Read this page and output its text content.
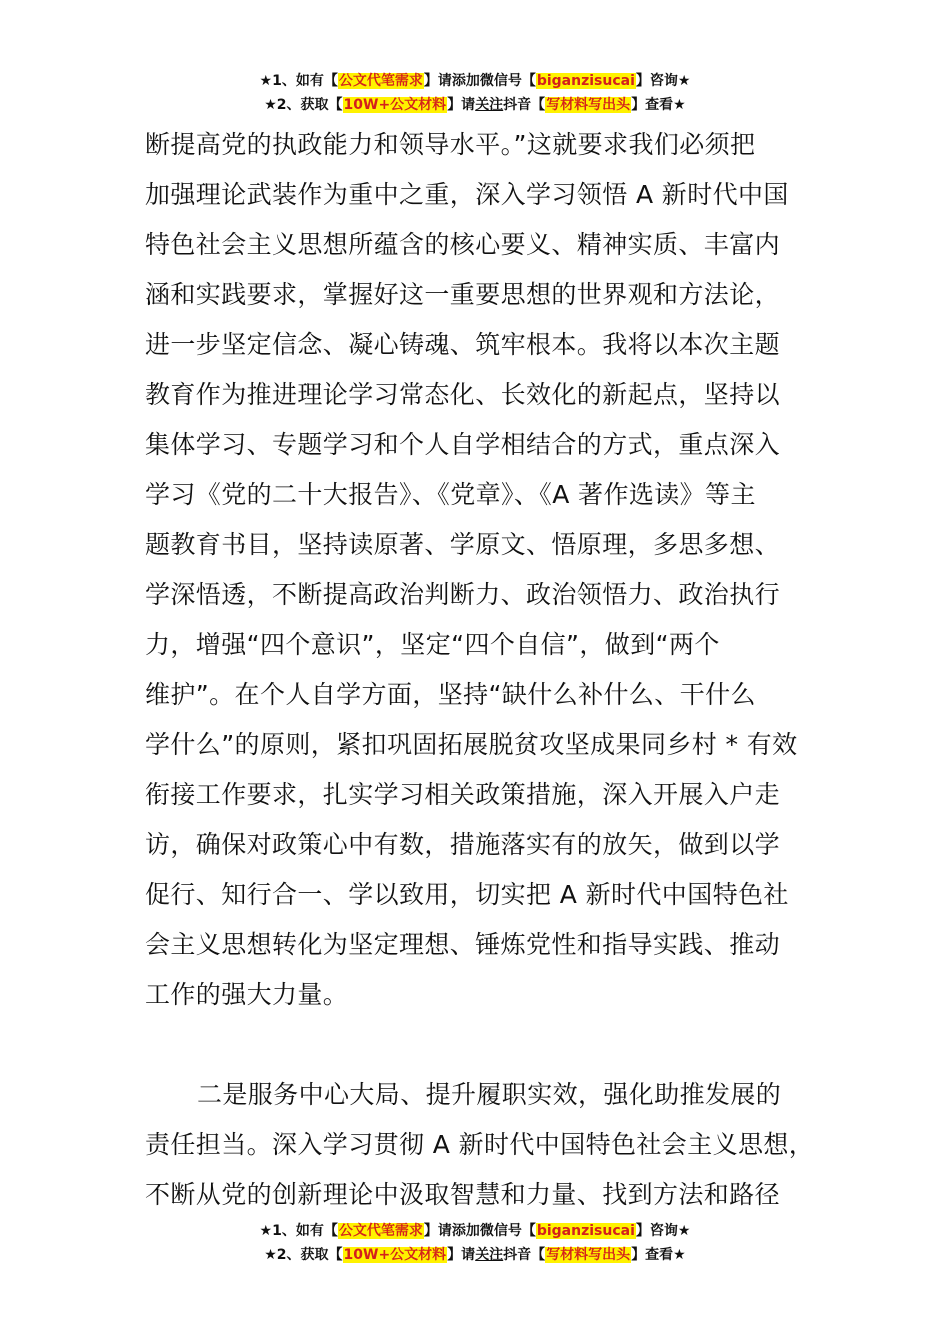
★1、如有【公文代笔需求】请添加微信号【biganzisucai】咨询★
★2、获取【10W+公文材料】请关注抖音【写材料写出头】查看★
断提高党的执政能力和领导水平。”这就要求我们必须把
加强理论武装作为重中之重，深入学习领悟 A 新时代中国
特色社会主义思想所蕴含的核心要义、精神实质、丰富内
涵和实践要求，掌握好这一重要思想的世界观和方法论，
进一步坚定信念、凝心铸魂、筑牢根本。我将以本次主题
教育作为推进理论学习常态化、长效化的新起点，坚持以
集体学习、专题学习和个人自学相结合的方式，重点深入
学习《党的二十大报告》、《党章》、《A 著作选读》等主
题教育书目，坚持读原著、学原文、悟原理，多思多想、
学深悟透，不断提高政治判断力、政治领悟力、政治执行
力，增强“四个意识”，坚定“四个自信”，做到“两个
维护”。在个人自学方面，坚持“缺什么补什么、干什么
学什么”的原则，紧扣巩固拓展脱贫攻坚成果同乡村 * 有效
衔接工作要求，扎实学习相关政策措施，深入开展入户走
访，确保对政策心中有数，措施落实有的放矢，做到以学
促行、知行合一、学以致用，切实把 A 新时代中国特色社
会主义思想转化为坚定理想、锤炼党性和指导实践、推动
工作的强大力量。
二是服务中心大局、提升履职实效，强化助推发展的
责任担当。深入学习贯彻 A 新时代中国特色社会主义思想，
不断从党的创新理论中汲取智慧和力量、找到方法和路径
★1、如有【公文代笔需求】请添加微信号【biganzisucai】咨询★
★2、获取【10W+公文材料】请关注抖音【写材料写出头】查看★
